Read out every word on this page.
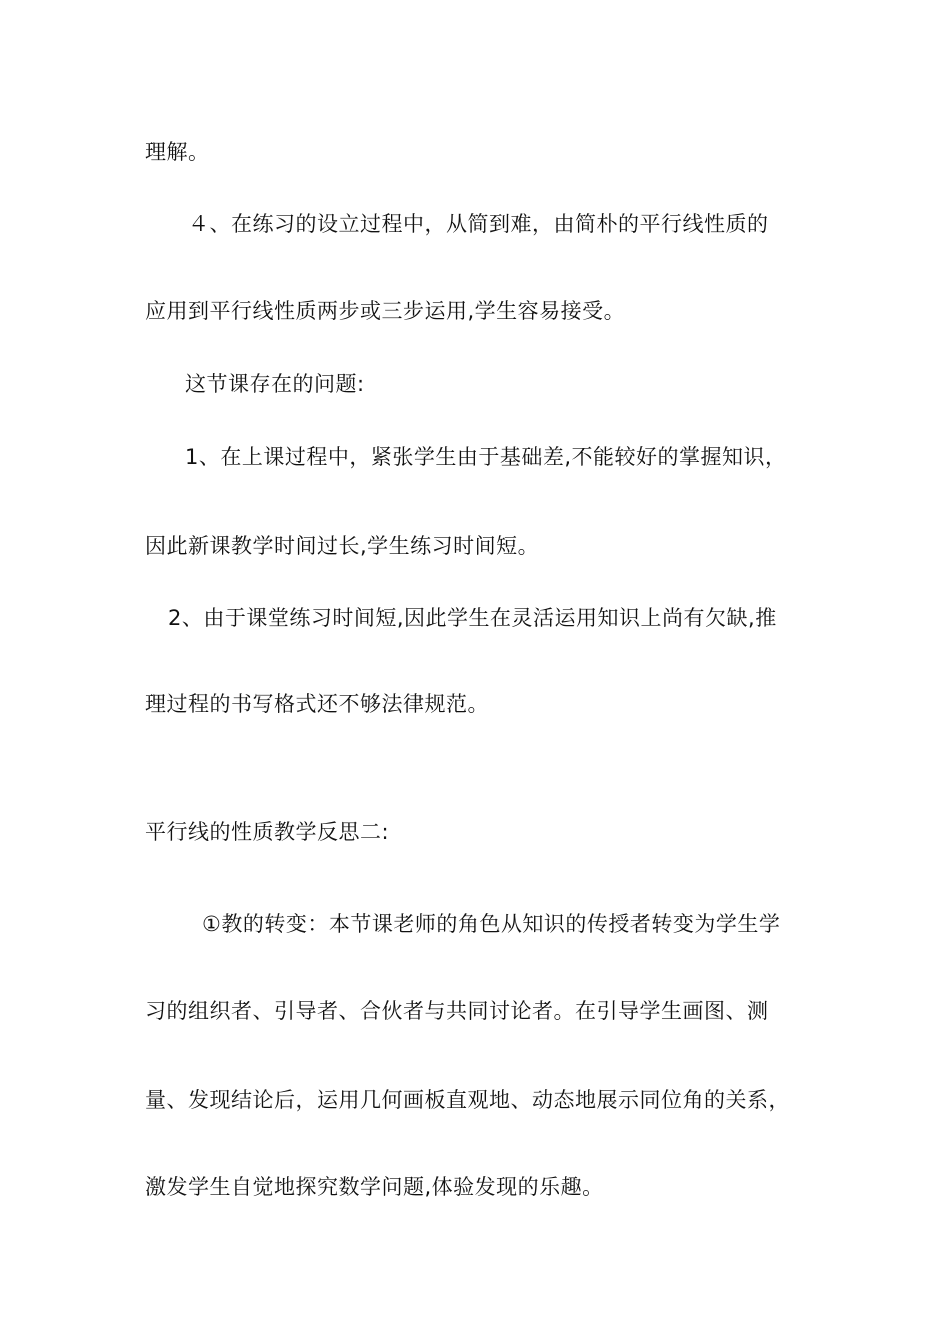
理解。
４、在练习的设立过程中，从简到难，由简朴的平行线性质的
应用到平行线性质两步或三步运用,学生容易接受。
这节课存在的问题:
1、在上课过程中，紧张学生由于基础差,不能较好的掌握知识，
因此新课教学时间过长,学生练习时间短。
2、由于课堂练习时间短,因此学生在灵活运用知识上尚有欠缺,推
理过程的书写格式还不够法律规范。
平行线的性质教学反思二:
①教的转变：本节课老师的角色从知识的传授者转变为学生学
习的组织者、引导者、合伙者与共同讨论者。在引导学生画图、测
量、发现结论后，运用几何画板直观地、动态地展示同位角的关系，
激发学生自觉地探究数学问题,体验发现的乐趣。
